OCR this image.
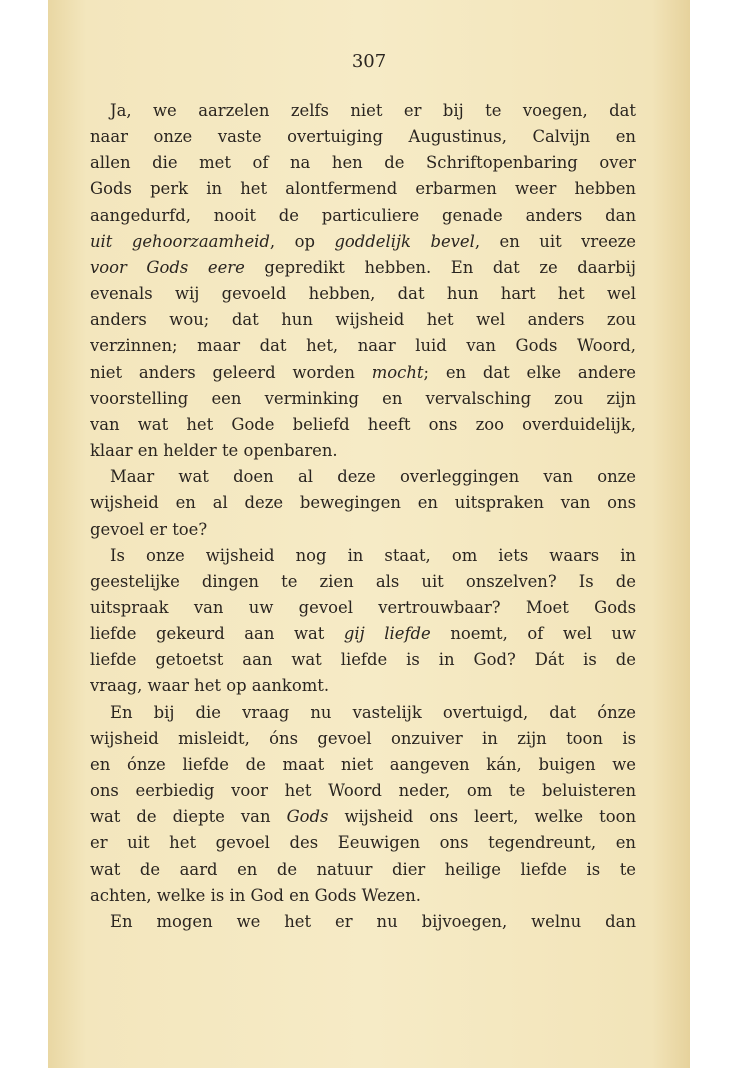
307
Ja, we aarzelen zelfs niet er bij te voegen, dat
naar onze vaste overtuiging Augustinus, Calvijn en
allen die met of na hen de Schriftopenbaring over
Gods perk in het alontfermend erbarmen weer hebben
aangedurfd, nooit de particuliere genade anders dan
uit gehoorzaamheid, op goddelijk bevel, en uit vreeze
voor Gods eere gepredikt hebben. En dat ze daarbij
evenals wij gevoeld hebben, dat hun hart het wel
anders wou; dat hun wijsheid het wel anders zou
verzinnen; maar dat het, naar luid van Gods Woord,
niet anders geleerd worden mocht; en dat elke andere
voorstelling een verminking en vervalsching zou zijn
van wat het Gode beliefd heeft ons zoo overduidelijk,
klaar en helder te openbaren.
Maar wat doen al deze overleggingen van onze
wijsheid en al deze bewegingen en uitspraken van ons
gevoel er toe?
Is onze wijsheid nog in staat, om iets waars in
geestelijke dingen te zien als uit onszelven? Is de
uitspraak van uw gevoel vertrouwbaar? Moet Gods
liefde gekeurd aan wat gij liefde noemt, of wel uw
liefde getoetst aan wat liefde is in God? Dát is de
vraag, waar het op aankomt.
En bij die vraag nu vastelijk overtuigd, dat ónze
wijsheid misleidt, óns gevoel onzuiver in zijn toon is
en ónze liefde de maat niet aangeven kán, buigen we
ons eerbiedig voor het Woord neder, om te beluisteren
wat de diepte van Gods wijsheid ons leert, welke toon
er uit het gevoel des Eeuwigen ons tegendreunt, en
wat de aard en de natuur dier heilige liefde is te
achten, welke is in God en Gods Wezen.
En mogen we het er nu bijvoegen, welnu dan
